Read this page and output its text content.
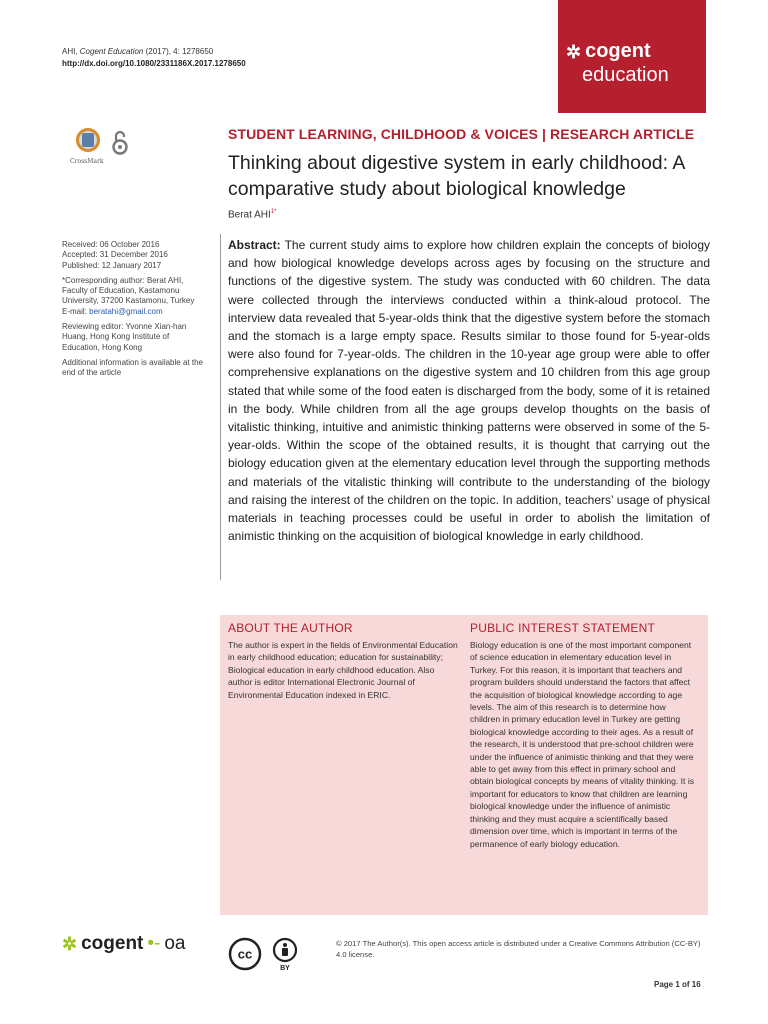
AHI, Cogent Education (2017), 4: 1278650
http://dx.doi.org/10.1080/2331186X.2017.1278650
✲ cogent
education
CrossMark
STUDENT LEARNING, CHILDHOOD & VOICES | RESEARCH ARTICLE
Thinking about digestive system in early childhood: A comparative study about biological knowledge
Berat $AHI^{1*}$

Received: 06 October 2016
Accepted: 31 December 2016
Published: 12 January 2017

*Corresponding author: Berat AHI, Faculty of Education, Kastamonu University, 37200 Kastamonu, Turkey
E-mail: beratahi@gmail.com

Reviewing editor: Yvonne Xian-han Huang, Hong Kong Institute of Education, Hong Kong

Additional information is available at the end of the article

Abstract: The current study aims to explore how children explain the concepts of biology and how biological knowledge develops across ages by focusing on the structure and functions of the digestive system. The study was conducted with 60 children. The data were collected through the interviews conducted within a think-aloud protocol. The interview data revealed that 5-year-olds think that the digestive system before the stomach and the stomach is a large empty space. Results similar to those found for 5-year-olds were also found for 7-year-olds. The children in the 10-year age group were able to offer comprehensive explanations on the digestive system and 10 children from this age group stated that while some of the food eaten is discharged from the body, some of it is retained in the body. While children from all the age groups develop thoughts on the basis of vitalistic thinking, intuitive and animistic thinking patterns were observed in some of the 5-year-olds. Within the scope of the obtained results, it is thought that carrying out the biology education given at the elementary education level through the supporting methods and materials of the vitalistic thinking will contribute to the understanding of the biology and raising the interest of the children on the topic. In addition, teachers’ usage of physical materials in teaching processes could be useful in order to abolish the limitation of animistic thinking on the acquisition of biological knowledge in early childhood.
ABOUT THE AUTHOR

The author is expert in the fields of Environmental Education in early childhood education; education for sustainability; Biological education in early childhood education. Also author is editor International Electronic Journal of Environmental Education indexed in ERIC.

PUBLIC INTEREST STATEMENT

Biology education is one of the most important component of science education in elementary education level in Turkey. For this reason, it is important that teachers and program builders should understand the factors that affect the acquisition of biological knowledge according to age levels. The aim of this research is to determine how children in primary education level in Turkey are getting biological knowledge according to their ages. As a result of the research, it is understood that pre-school children were under the influence of animistic thinking and that they were able to get away from this effect in primary school and obtain biological concepts by means of vitality thinking. It is important for educators to know that children are learning biological knowledge under the influence of animistic thinking and they must acquire a scientifically based dimension over time, which is important in terms of the permanence of early biology education.

✲ cogent •‑ oa	cc
BY
© 2017 The Author(s). This open access article is distributed under a Creative Commons Attribution (CC-BY) 4.0 license.
Page 1 of 16
